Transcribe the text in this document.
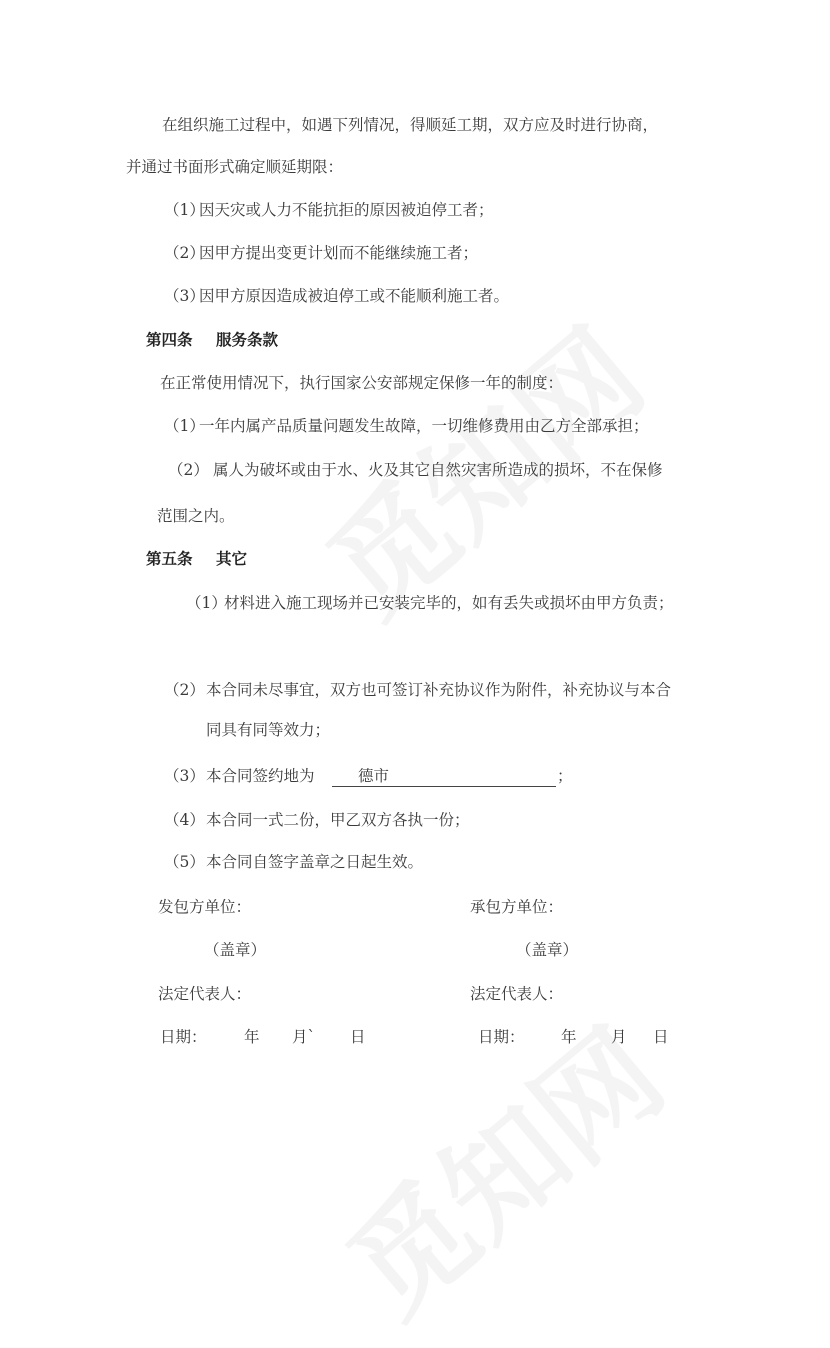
在组织施工过程中，如遇下列情况，得顺延工期，双方应及时进行协商，
并通过书面形式确定顺延期限：
（1）
因天灾或人力不能抗拒的原因被迫停工者；
（2）
因甲方提出变更计划而不能继续施工者；
（3）
因甲方原因造成被迫停工或不能顺利施工者。
第四条 服务条款
在正常使用情况下，执行国家公安部规定保修一年的制度：
（1）
一年内属产品质量问题发生故障，一切维修费用由乙方全部承担；
（2） 属人为破坏或由于水、火及其它自然灾害所造成的损坏，不在保修
范围之内。
第五条 其它
（1）
材料进入施工现场并已安装完毕的，如有丢失或损坏由甲方负责；
（2） 本合同未尽事宜，双方也可签订补充协议作为附件，补充协议与本合
同具有同等效力；
（3） 本合同签约地为	德市	；
（4） 本合同一式二份，甲乙双方各执一份；
（5） 本合同自签字盖章之日起生效。
发包方单位：	承包方单位：
（盖章）	（盖章）
法定代表人：	法定代表人：
日期： 年 月` 日	日期： 年 月 日
